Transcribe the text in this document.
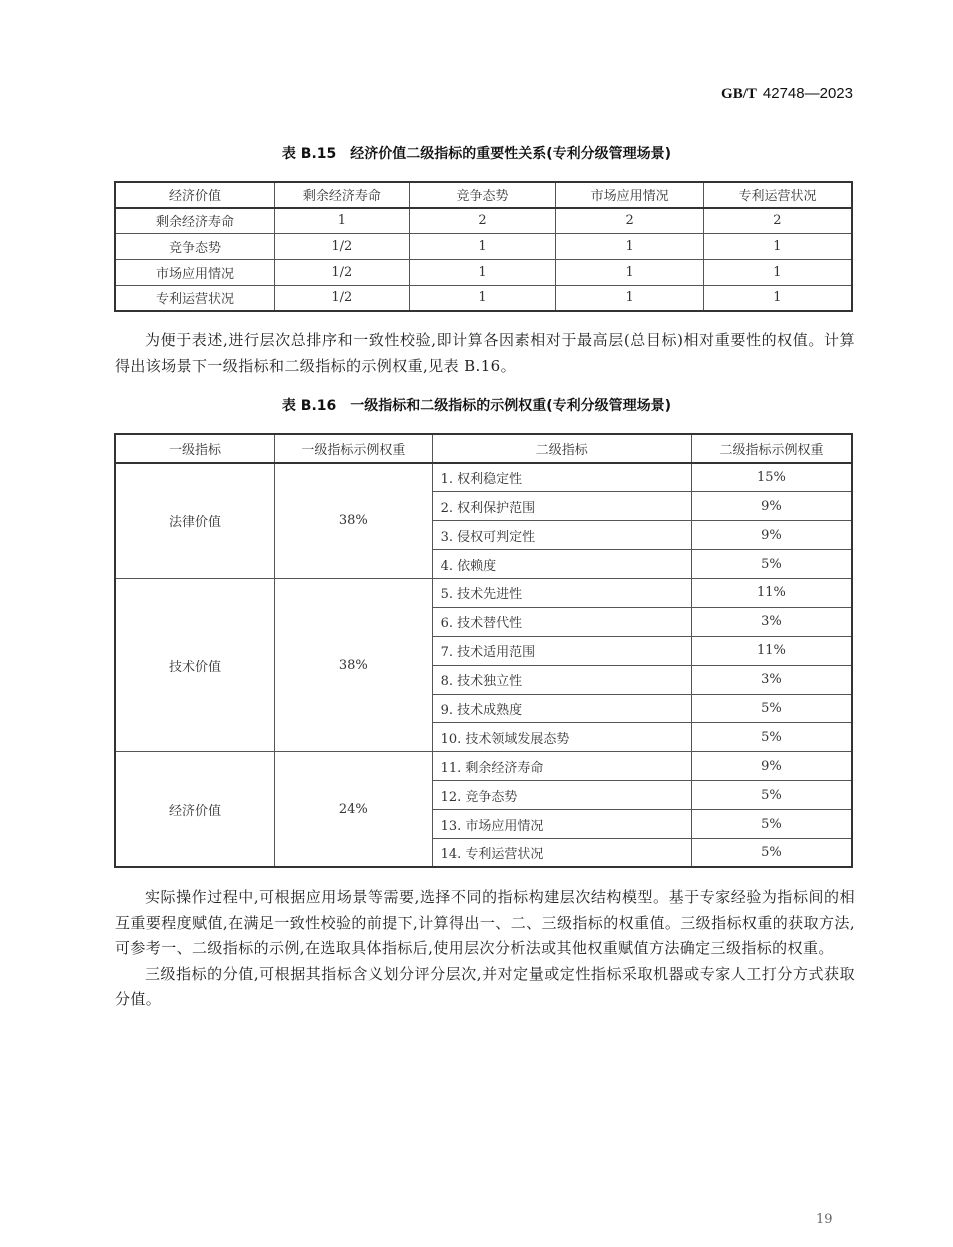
GB/T 42748—2023
表 B.15 经济价值二级指标的重要性关系(专利分级管理场景)
经济价值	剩余经济寿命	竞争态势	市场应用情况	专利运营状况
剩余经济寿命	1	2	2	2
竞争态势	1/2	1	1	1
市场应用情况	1/2	1	1	1
专利运营状况	1/2	1	1	1

为便于表述,进行层次总排序和一致性校验,即计算各因素相对于最高层(总目标)相对重要性的权值。计算得出该场景下一级指标和二级指标的示例权重,见表 B.16。

表 B.16 一级指标和二级指标的示例权重(专利分级管理场景)
一级指标	一级指标示例权重	二级指标	二级指标示例权重
法律价值	38%	1. 权利稳定性	15%
		2. 权利保护范围	9%
		3. 侵权可判定性	9%
		4. 依赖度	5%
技术价值	38%	5. 技术先进性	11%
		6. 技术替代性	3%
		7. 技术适用范围	11%
		8. 技术独立性	3%
		9. 技术成熟度	5%
		10. 技术领域发展态势	5%
经济价值	24%	11. 剩余经济寿命	9%
		12. 竞争态势	5%
		13. 市场应用情况	5%
		14. 专利运营状况	5%

实际操作过程中,可根据应用场景等需要,选择不同的指标构建层次结构模型。基于专家经验为指标间的相互重要程度赋值,在满足一致性校验的前提下,计算得出一、二、三级指标的权重值。三级指标权重的获取方法,可参考一、二级指标的示例,在选取具体指标后,使用层次分析法或其他权重赋值方法确定三级指标的权重。

三级指标的分值,可根据其指标含义划分评分层次,并对定量或定性指标采取机器或专家人工打分方式获取分值。

19
